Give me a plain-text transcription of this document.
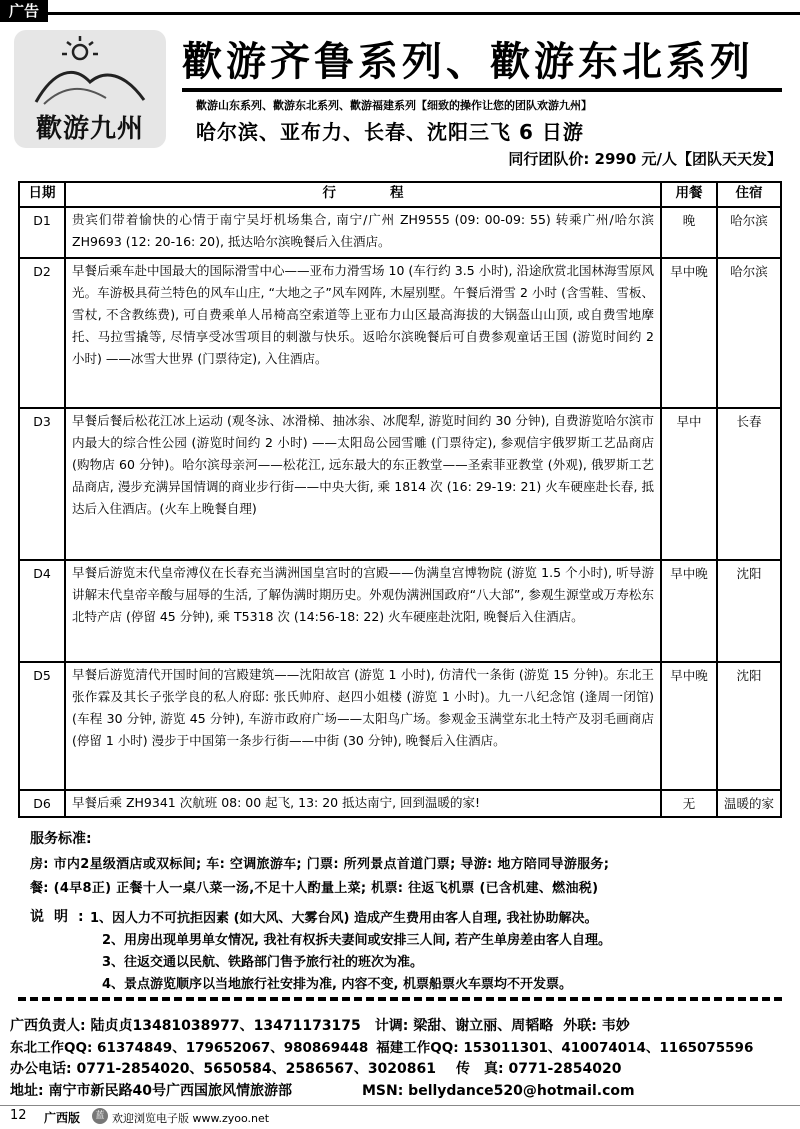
广告
歡游九州
歡游齐鲁系列、歡游东北系列
歡游山东系列、歡游东北系列、歡游福建系列【细致的操作让您的团队欢游九州】
哈尔滨、亚布力、长春、沈阳三飞 6 日游
同行团队价: 2990 元/人【团队天天发】
日期	行　　　　程	用餐	住宿
D1	贵宾们带着愉快的心情于南宁吴圩机场集合, 南宁/广州 ZH9555 (09: 00-09: 55) 转乘广州/哈尔滨 ZH9693 (12: 20-16: 20), 抵达哈尔滨晚餐后入住酒店。	晚	哈尔滨
D2	早餐后乘车赴中国最大的国际滑雪中心——亚布力滑雪场 10 (车行约 3.5 小时), 沿途欣赏北国林海雪原风光。车游极具荷兰特色的风车山庄, “大地之子”风车网阵, 木屋别墅。午餐后滑雪 2 小时 (含雪鞋、雪板、雪杖, 不含教练费), 可自费乘单人吊椅高空索道等上亚布力山区最高海拔的大锅盔山山顶, 或自费雪地摩托、马拉雪撬等, 尽情享受冰雪项目的刺激与快乐。返哈尔滨晚餐后可自费参观童话王国 (游览时间约 2 小时) ——冰雪大世界 (门票待定), 入住酒店。	早中晚	哈尔滨
D3	早餐后餐后松花江冰上运动 (观冬泳、冰滑梯、抽冰尜、冰爬犁, 游览时间约 30 分钟), 自费游览哈尔滨市内最大的综合性公园 (游览时间约 2 小时) ——太阳岛公园雪雕 (门票待定), 参观信宇俄罗斯工艺品商店 (购物店 60 分钟)。哈尔滨母亲河——松花江, 远东最大的东正教堂——圣索菲亚教堂 (外观), 俄罗斯工艺品商店, 漫步充满异国情调的商业步行街——中央大街, 乘 1814 次 (16: 29-19: 21) 火车硬座赴长春, 抵达后入住酒店。(火车上晚餐自理)	早中	长春
D4	早餐后游览末代皇帝溥仪在长春充当满洲国皇宫时的宫殿——伪满皇宫博物院 (游览 1.5 个小时), 听导游讲解末代皇帝辛酸与屈辱的生活, 了解伪满时期历史。外观伪满洲国政府“八大部”, 参观生源堂或万寿松东北特产店 (停留 45 分钟), 乘 T5318 次 (14:56-18: 22) 火车硬座赴沈阳, 晚餐后入住酒店。	早中晚	沈阳
D5	早餐后游览清代开国时间的宫殿建筑——沈阳故宫 (游览 1 小时), 仿清代一条街 (游览 15 分钟)。东北王张作霖及其长子张学良的私人府邸: 张氏帅府、赵四小姐楼 (游览 1 小时)。九一八纪念馆 (逢周一闭馆) (车程 30 分钟, 游览 45 分钟), 车游市政府广场——太阳鸟广场。参观金玉满堂东北土特产及羽毛画商店 (停留 1 小时) 漫步于中国第一条步行街——中街 (30 分钟), 晚餐后入住酒店。	早中晚	沈阳
D6	早餐后乘 ZH9341 次航班 08: 00 起飞, 13: 20 抵达南宁, 回到温暖的家!	无	温暖的家
服务标准:
房: 市内2星级酒店或双标间; 车: 空调旅游车; 门票: 所列景点首道门票; 导游: 地方陪同导游服务;
餐: (4早8正) 正餐十人一桌八菜一汤,不足十人酌量上菜; 机票: 往返飞机票 (已含机建、燃油税)
说明:
1、因人力不可抗拒因素 (如大风、大雾台风) 造成产生费用由客人自理, 我社协助解决。
2、用房出现单男单女情况, 我社有权拆夫妻间或安排三人间, 若产生单房差由客人自理。
3、往返交通以民航、铁路部门售予旅行社的班次为准。
4、景点游览顺序以当地旅行社安排为准, 内容不变, 机票船票火车票均不开发票。
广西负责人: 陆贞贞13481038977、13471173175 计调: 梁甜、谢立丽、周韬略 外联: 韦妙
东北工作QQ: 61374849、179652067、980869448 福建工作QQ: 153011301、410074014、1165075596
办公电话: 0771-2854020、5650584、2586567、3020861 传　真: 0771-2854020
地址: 南宁市新民路40号广西国旅风情旅游部	MSN: bellydance520@hotmail.com
12 广西版	蓝 欢迎浏览电子版 www.zyoo.net
